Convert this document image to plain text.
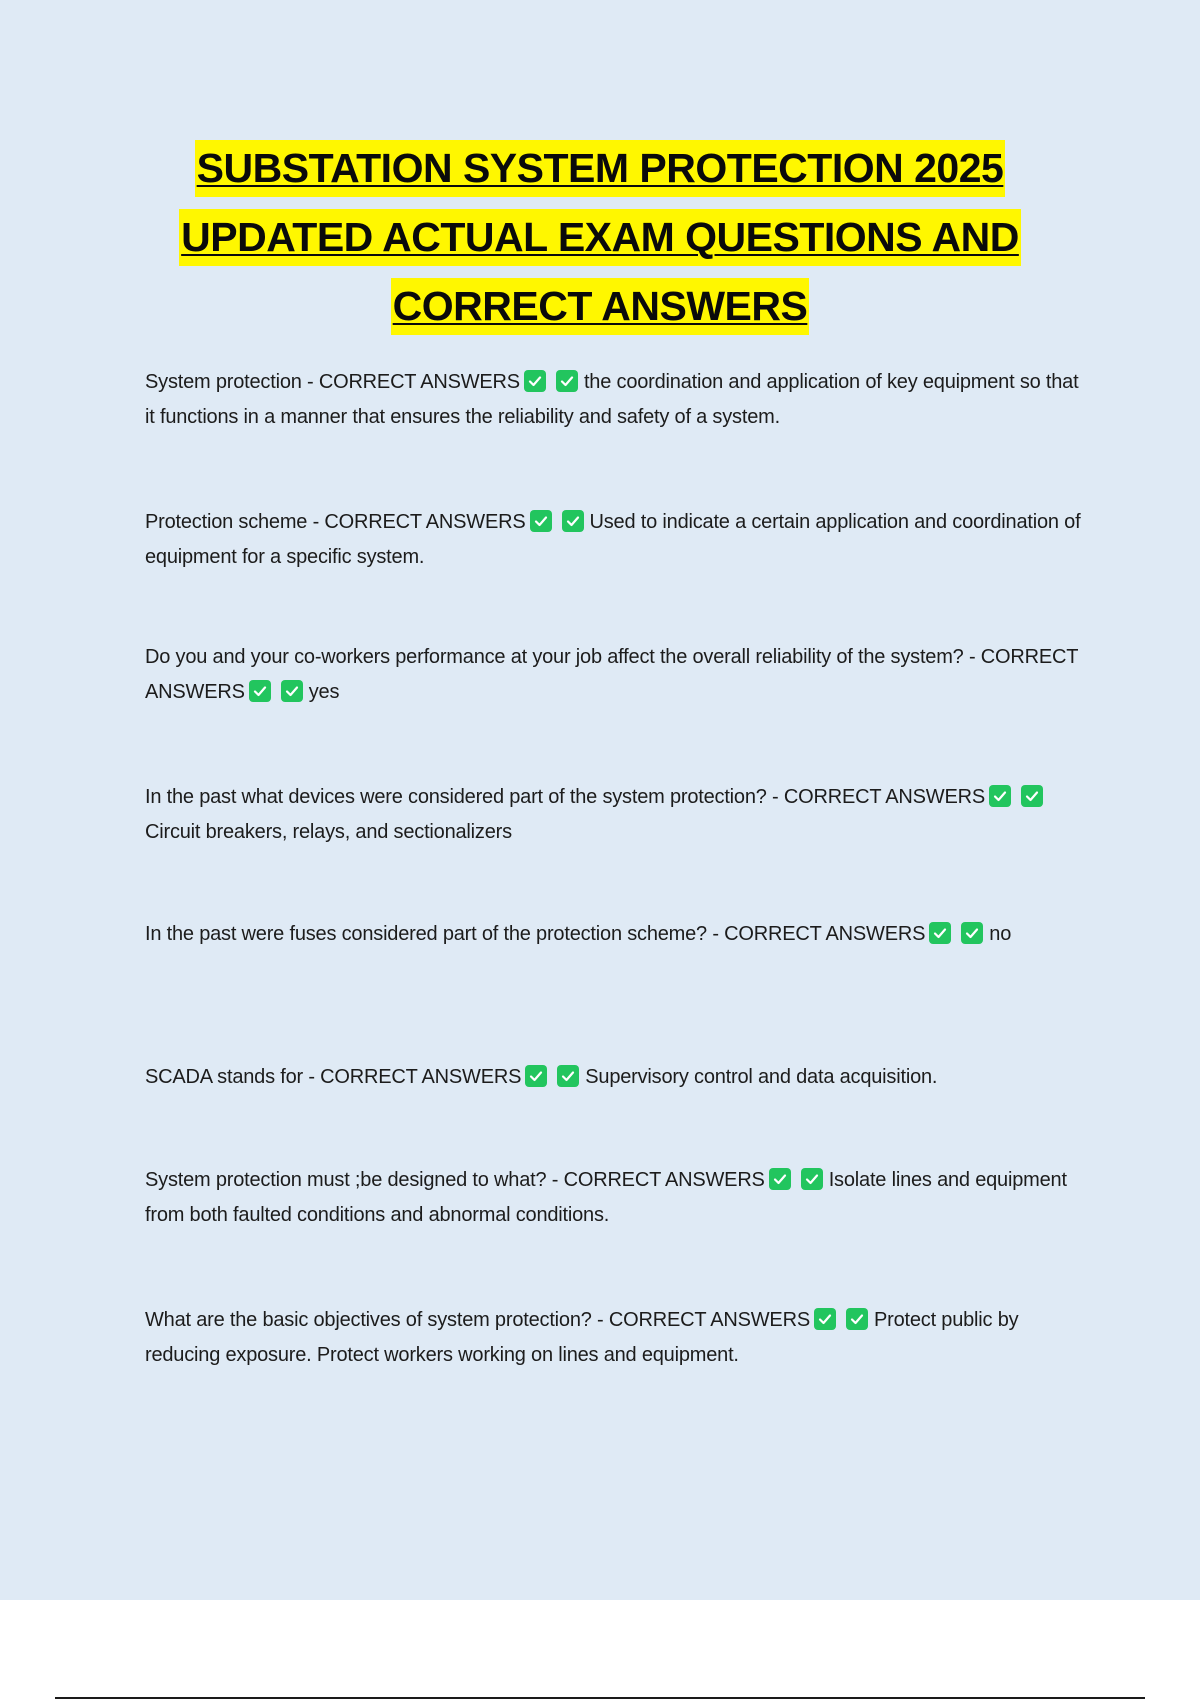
SUBSTATION SYSTEM PROTECTION 2025
UPDATED ACTUAL EXAM QUESTIONS AND
CORRECT ANSWERS
System protection - CORRECT ANSWERS	the coordination and application of key equipment so that it functions in a manner that ensures the reliability and safety of a system.
Protection scheme - CORRECT ANSWERS	Used to indicate a certain application and coordination of equipment for a specific system.
Do you and your co-workers performance at your job affect the overall reliability of the system? - CORRECT ANSWERS	yes
In the past what devices were considered part of the system protection? - CORRECT ANSWERS
Circuit breakers, relays, and sectionalizers
In the past were fuses considered part of the protection scheme? - CORRECT ANSWERS	no
SCADA stands for - CORRECT ANSWERS	Supervisory control and data acquisition.
System protection must ;be designed to what? - CORRECT ANSWERS	Isolate lines and equipment from both faulted conditions and abnormal conditions.
What are the basic objectives of system protection? - CORRECT ANSWERS	Protect public by reducing exposure. Protect workers working on lines and equipment.
